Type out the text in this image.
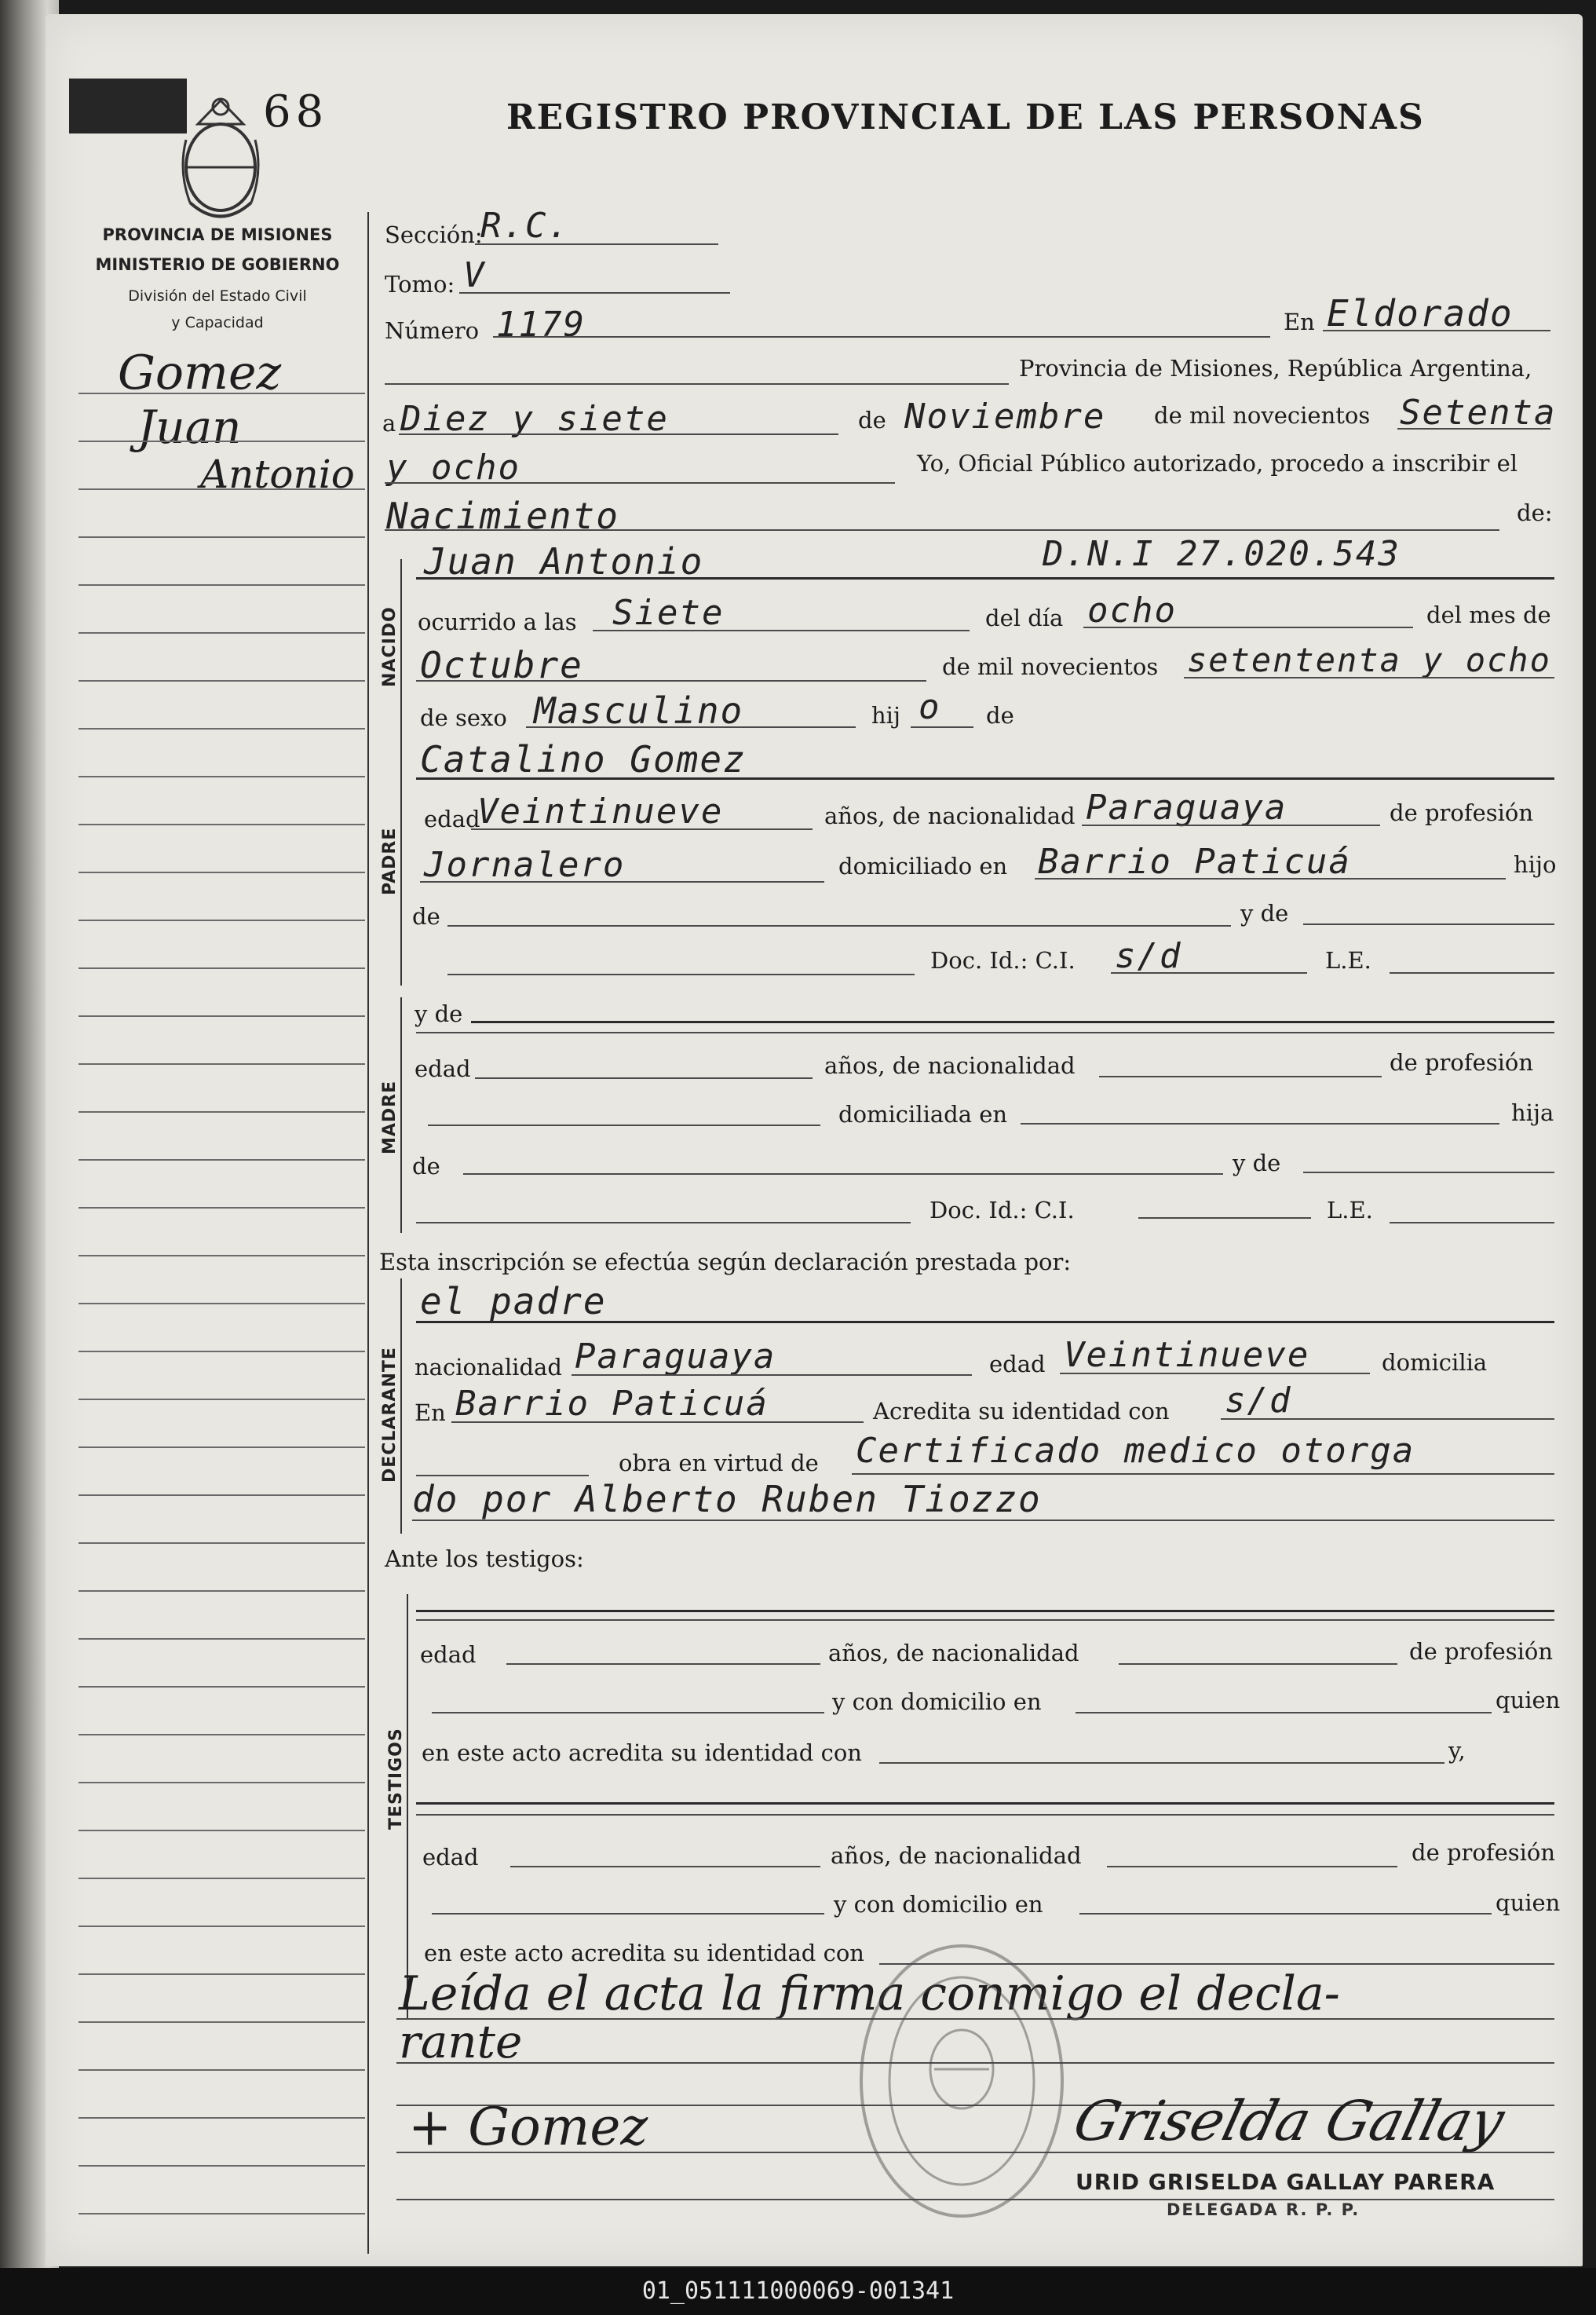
68	REGISTRO PROVINCIAL DE LAS PERSONAS
PROVINCIA DE MISIONES
MINISTERIO DE GOBIERNO
División del Estado Civil
y Capacidad
Gomez
Juan
Antonio
Sección:
R.C.
Tomo: V
Número 1179	En Eldorado
Provincia de Misiones, República Argentina,
a Diez y siete	de Noviembre de mil novecientos Setenta
y ocho	Yo, Oficial Público autorizado, procedo a inscribir el
Nacimiento	de:
NACIDO
Juan Antonio	D.N.I 27.020.543
ocurrido a las Siete	del día ocho	del mes de
Octubre	de mil novecientos setententa y ocho
de sexo Masculino	hij o de
Catalino Gomez
PADRE
edad
Veintinueve	años, de nacionalidad Paraguaya	de profesión
Jornalero	domiciliado en Barrio Paticuá	hijo
de	y de
Doc. Id.: C.I. s/d	L.E.
MADRE
y de
edad	años, de nacionalidad	de profesión
domiciliada en	hija
de	y de
Doc. Id.: C.I.	L.E.
Esta inscripción se efectúa según declaración prestada por:
DECLARANTE
el padre
nacionalidad Paraguaya	edad Veintinueve	domicilia
En Barrio Paticuá	Acredita su identidad con s/d
obra en virtud de Certificado medico otorga
do por Alberto Ruben Tiozzo
Ante los testigos:
TESTIGOS
edad	años, de nacionalidad	de profesión
y con domicilio en	quien
en este acto acredita su identidad con	y,
edad	años, de nacionalidad	de profesión
y con domicilio en	quien
en este acto acredita su identidad con
Leída el acta la firma conmigo el decla-
rante
+ Gomez	Griselda Gallay
URID GRISELDA GALLAY PARERA
DELEGADA R. P. P.
01_051111000069-001341
